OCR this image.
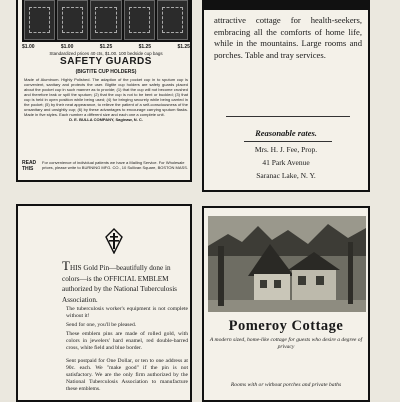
$1.00	$1.00	$1.25	$1.25	$1.25
Standardized prices 40 cts, $1.00. 100 bedside cup bags
SAFETY GUARDS
(BIGTITE CUP HOLDERS)
Made of Aluminum. Highly Polished. The adaption of the pocket cup in to sputum cup is convenient, sanitary and protects the user. Bigtite cup holders are safety guards placed about the pocket cup in such manner as to provide; (1) that the cup will not become crushed and therefore leak or spill the sputum; (2) that the cup is not to be bent or buckled; (3) that cup is held in open position while being used; (4) for bringing securely while being carried in the pocket; (5) by their neat appearance, to relieve the patient of a self-consciousness of the unsanitary and unsightly cup; (6) by these advantages to encourage carrying sputum flasks. Made in five styles. Each number a different size and each one a complete unit.
D. E. BULLA COMPANY, Saginaw, N. C.
READ THIS
For convenience of individual patients we have a Mailing Service. For Wholesale prices, please write to BURNING MFG. CO., 10 Sullivan Square, BOSTON MASS.
attractive cottage for health-seekers, embracing all the comforts of home life, while in the mountains. Large rooms and porches. Table and tray services.
Reasonable rates.
Mrs. H. J. Fee, Prop.
41 Park Avenue
Saranac Lake, N. Y.
THIS Gold Pin—beautifully done in colors—is the OFFICIAL EMBLEM authorized by the National Tuberculosis Association.
The tuberculosis worker's equipment is not complete without it!
Send for one, you'll be pleased.
These emblem pins are made of rolled gold, with colors in jewelers' hard enamel, red double-barred cross, white field and blue border.
Sent postpaid for One Dollar, or ten to one address at 90c. each. We "make good" if the pin is not satisfactory. We are the only firm authorized by the National Tuberculosis Association to manufacture these emblems.
Pomeroy Cottage
A modern sized, home-like cottage for guests who desire a degree of privacy
Rooms with or without porches and private baths
